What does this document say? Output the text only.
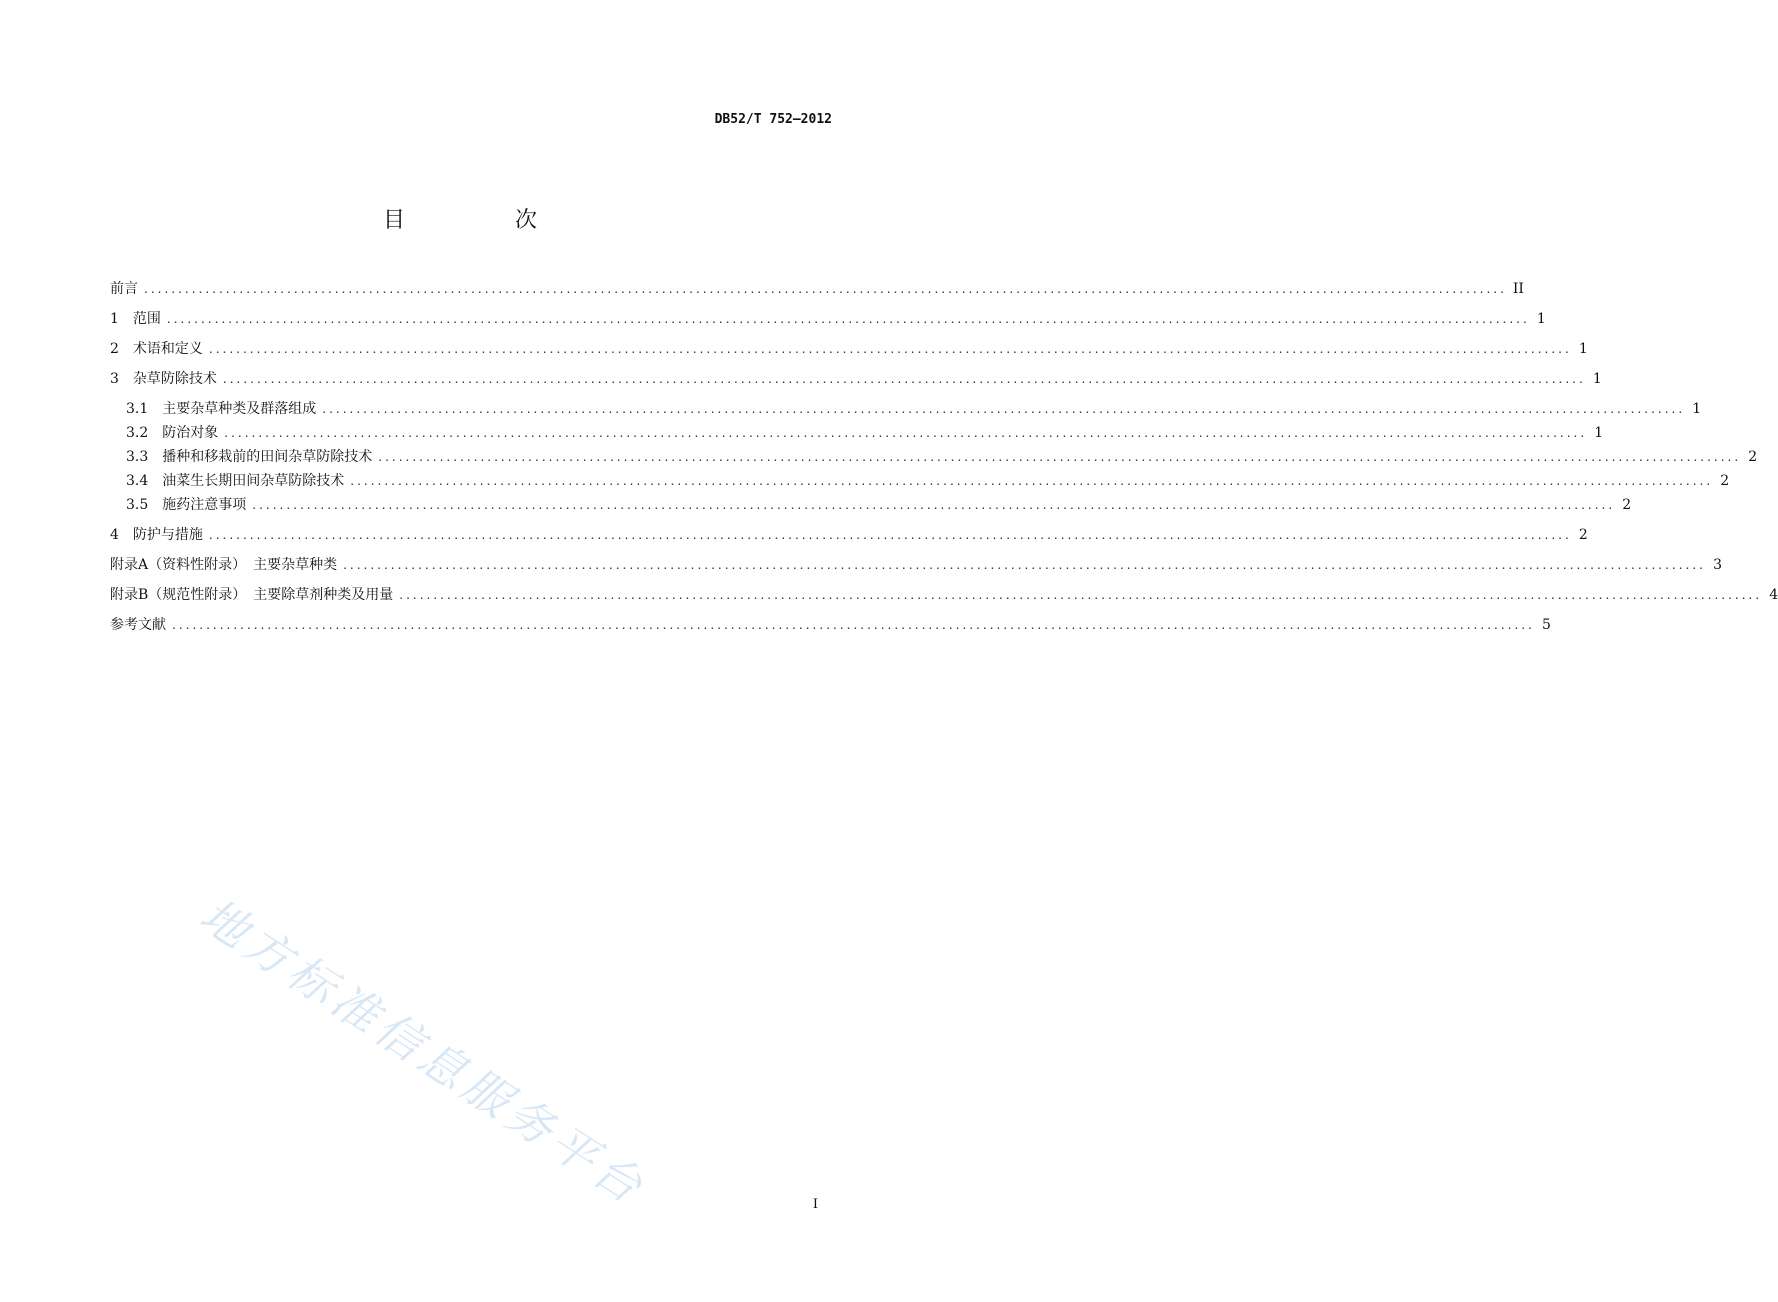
DB52/T 752—2012
目　次
前言 ........................................................................................................................................................................................................ II
1　 范围 ........................................................................................................................................................................................................ 1
2　 术语和定义 ........................................................................................................................................................................................................ 1
3　 杂草防除技术 ........................................................................................................................................................................................................ 1
3.1　 主要杂草种类及群落组成 ........................................................................................................................................................................................................ 1
3.2　 防治对象 ........................................................................................................................................................................................................ 1
3.3　 播种和移栽前的田间杂草防除技术 ........................................................................................................................................................................................................ 2
3.4　 油菜生长期田间杂草防除技术 ........................................................................................................................................................................................................ 2
3.5　 施药注意事项 ........................................................................................................................................................................................................ 2
4　 防护与措施 ........................................................................................................................................................................................................ 2
附录A（资料性附录）　主要杂草种类 ........................................................................................................................................................................................................ 3
附录B（规范性附录）　主要除草剂种类及用量 ........................................................................................................................................................................................................ 4
参考文献 ........................................................................................................................................................................................................ 5
地方标准信息服务平台	I
